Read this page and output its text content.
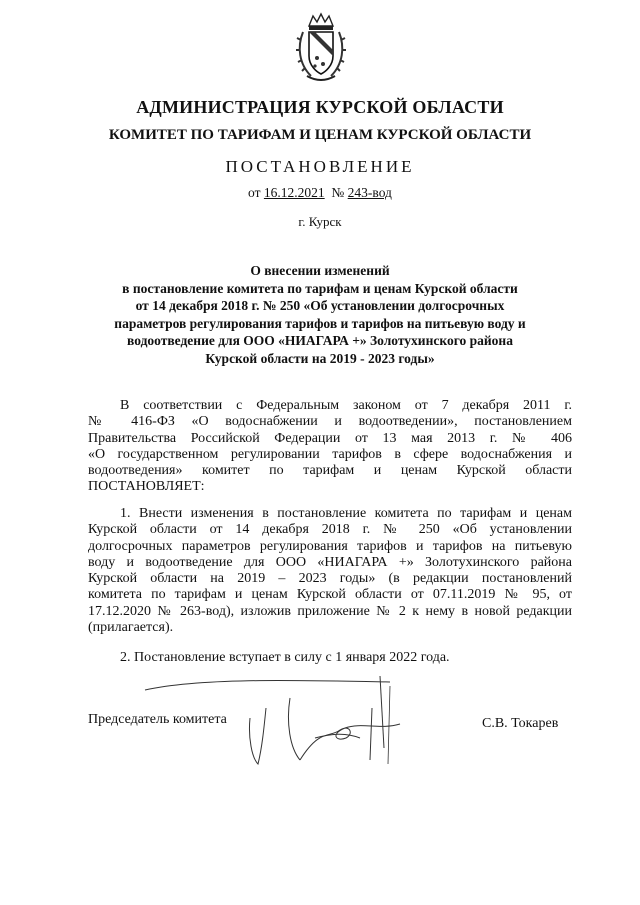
АДМИНИСТРАЦИЯ КУРСКОЙ ОБЛАСТИ
КОМИТЕТ ПО ТАРИФАМ И ЦЕНАМ КУРСКОЙ ОБЛАСТИ
ПОСТАНОВЛЕНИЕ
от 16.12.2021 № 243-вод
г. Курск
О внесении изменений
в постановление комитета по тарифам и ценам Курской области
от 14 декабря 2018 г. № 250 «Об установлении долгосрочных
параметров регулирования тарифов и тарифов на питьевую воду и
водоотведение для ООО «НИАГАРА +» Золотухинского района
Курской области на 2019 - 2023 годы»
В соответствии с Федеральным законом от 7 декабря 2011 г.
№ 416-ФЗ «О водоснабжении и водоотведении», постановлением
Правительства Российской Федерации от 13 мая 2013 г. № 406
«О государственном регулировании тарифов в сфере водоснабжения и
водоотведения» комитет по тарифам и ценам Курской области
ПОСТАНОВЛЯЕТ:
1. Внести изменения в постановление комитета по тарифам и ценам
Курской области от 14 декабря 2018 г. № 250 «Об установлении
долгосрочных параметров регулирования тарифов и тарифов на питьевую
воду и водоотведение для ООО «НИАГАРА +» Золотухинского района
Курской области на 2019 – 2023 годы» (в редакции постановлений
комитета по тарифам и ценам Курской области от 07.11.2019 № 95, от
17.12.2020 № 263-вод), изложив приложение № 2 к нему в новой редакции
(прилагается).
2. Постановление вступает в силу с 1 января 2022 года.
Председатель комитета	С.В. Токарев
